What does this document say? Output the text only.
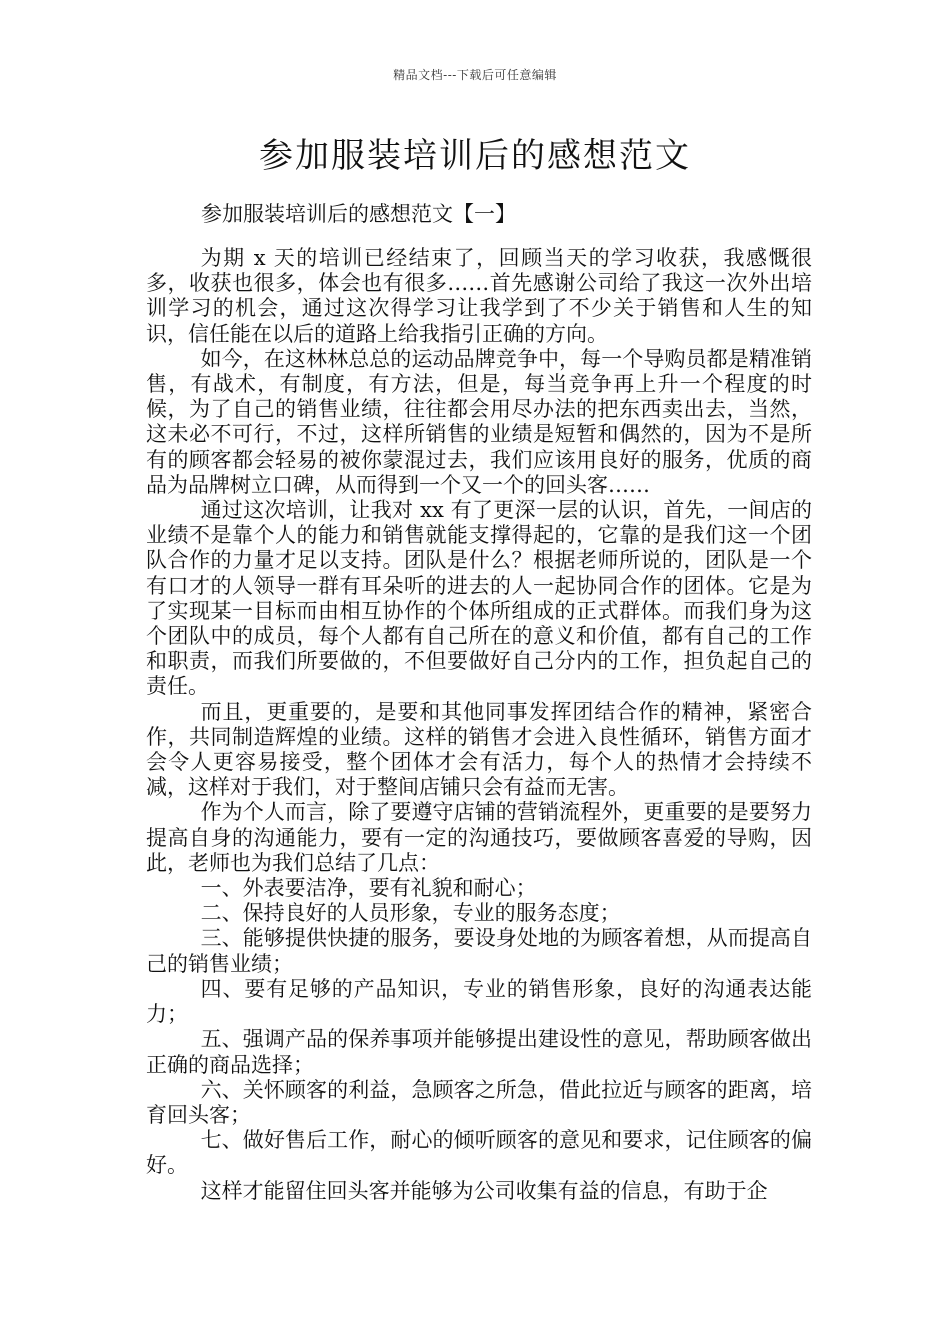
精品文档---下载后可任意编辑
参加服装培训后的感想范文
参加服装培训后的感想范文【一】

为期 x 天的培训已经结束了，回顾当天的学习收获，我感慨很多，收获也很多，体会也有很多……首先感谢公司给了我这一次外出培训学习的机会，通过这次得学习让我学到了不少关于销售和人生的知识，信任能在以后的道路上给我指引正确的方向。

如今，在这林林总总的运动品牌竞争中，每一个导购员都是精准销售，有战术，有制度，有方法，但是，每当竞争再上升一个程度的时候，为了自己的销售业绩，往往都会用尽办法的把东西卖出去，当然，这未必不可行，不过，这样所销售的业绩是短暂和偶然的，因为不是所有的顾客都会轻易的被你蒙混过去，我们应该用良好的服务，优质的商品为品牌树立口碑，从而得到一个又一个的回头客……

通过这次培训，让我对 xx 有了更深一层的认识，首先，一间店的业绩不是靠个人的能力和销售就能支撑得起的，它靠的是我们这一个团队合作的力量才足以支持。团队是什么？根据老师所说的，团队是一个有口才的人领导一群有耳朵听的进去的人一起协同合作的团体。它是为了实现某一目标而由相互协作的个体所组成的正式群体。而我们身为这个团队中的成员，每个人都有自己所在的意义和价值，都有自己的工作和职责，而我们所要做的，不但要做好自己分内的工作，担负起自己的责任。

而且，更重要的，是要和其他同事发挥团结合作的精神，紧密合作，共同制造辉煌的业绩。这样的销售才会进入良性循环，销售方面才会令人更容易接受，整个团体才会有活力，每个人的热情才会持续不减，这样对于我们，对于整间店铺只会有益而无害。

作为个人而言，除了要遵守店铺的营销流程外，更重要的是要努力提高自身的沟通能力，要有一定的沟通技巧，要做顾客喜爱的导购，因此，老师也为我们总结了几点：

一、外表要洁净，要有礼貌和耐心；

二、保持良好的人员形象，专业的服务态度；

三、能够提供快捷的服务，要设身处地的为顾客着想，从而提高自己的销售业绩；

四、要有足够的产品知识，专业的销售形象，良好的沟通表达能力；

五、强调产品的保养事项并能够提出建设性的意见，帮助顾客做出正确的商品选择；

六、关怀顾客的利益，急顾客之所急，借此拉近与顾客的距离，培育回头客；

七、做好售后工作，耐心的倾听顾客的意见和要求，记住顾客的偏好。

这样才能留住回头客并能够为公司收集有益的信息，有助于企
